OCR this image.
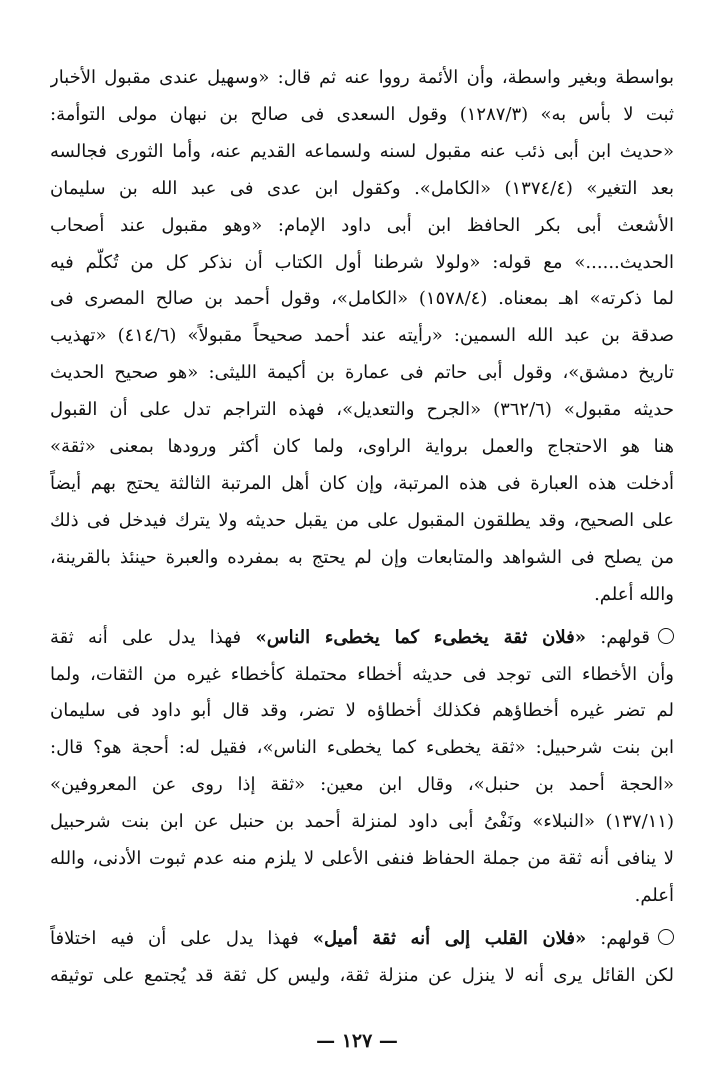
بواسطة وبغير واسطة، وأن الأئمة رووا عنه ثم قال: «وسهيل عندى مقبول الأخبار
ثبت لا بأس به» (١٢٨٧/٣) وقول السعدى فى صالح بن نبهان مولى التوأمة:
«حديث ابن أبى ذئب عنه مقبول لسنه ولسماعه القديم عنه، وأما الثورى فجالسه
بعد التغير» (١٣٧٤/٤) «الكامل». وكقول ابن عدى فى عبد الله بن سليمان
الأشعث أبى بكر الحافظ ابن أبى داود الإمام: «وهو مقبول عند أصحاب
الحديث......» مع قوله: «ولولا شرطنا أول الكتاب أن نذكر كل من تُكلّم فيه
لما ذكرته» اهـ بمعناه. (١٥٧٨/٤) «الكامل»، وقول أحمد بن صالح المصرى فى
صدقة بن عبد الله السمين: «رأيته عند أحمد صحيحاً مقبولاً» (٤١٤/٦) «تهذيب
تاريخ دمشق»، وقول أبى حاتم فى عمارة بن أكيمة الليثى: «هو صحيح الحديث
حديثه مقبول» (٣٦٢/٦) «الجرح والتعديل»، فهذه التراجم تدل على أن القبول
هنا هو الاحتجاج والعمل برواية الراوى، ولما كان أكثر ورودها بمعنى «ثقة»
أدخلت هذه العبارة فى هذه المرتبة، وإن كان أهل المرتبة الثالثة يحتج بهم أيضاً
على الصحيح، وقد يطلقون المقبول على من يقبل حديثه ولا يترك فيدخل فى ذلك
من يصلح فى الشواهد والمتابعات وإن لم يحتج به بمفرده والعبرة حينئذ بالقرينة،
والله أعلم.

قولهم: «فلان ثقة يخطىء كما يخطىء الناس» فهذا يدل على أنه ثقة
وأن الأخطاء التى توجد فى حديثه أخطاء محتملة كأخطاء غيره من الثقات، ولما
لم تضر غيره أخطاؤهم فكذلك أخطاؤه لا تضر، وقد قال أبو داود فى سليمان
ابن بنت شرحبيل: «ثقة يخطىء كما يخطىء الناس»، فقيل له: أحجة هو؟ قال:
«الحجة أحمد بن حنبل»، وقال ابن معين: «ثقة إذا روى عن المعروفين»
(١٣٧/١١) «النبلاء» ونَفْىُ أبى داود لمنزلة أحمد بن حنبل عن ابن بنت شرحبيل
لا ينافى أنه ثقة من جملة الحفاظ فنفى الأعلى لا يلزم منه عدم ثبوت الأدنى، والله
أعلم.

قولهم: «فلان القلب إلى أنه ثقة أميل» فهذا يدل على أن فيه اختلافاً
لكن القائل يرى أنه لا ينزل عن منزلة ثقة، وليس كل ثقة قد يُجتمع على توثيقه

— ١٢٧ —
